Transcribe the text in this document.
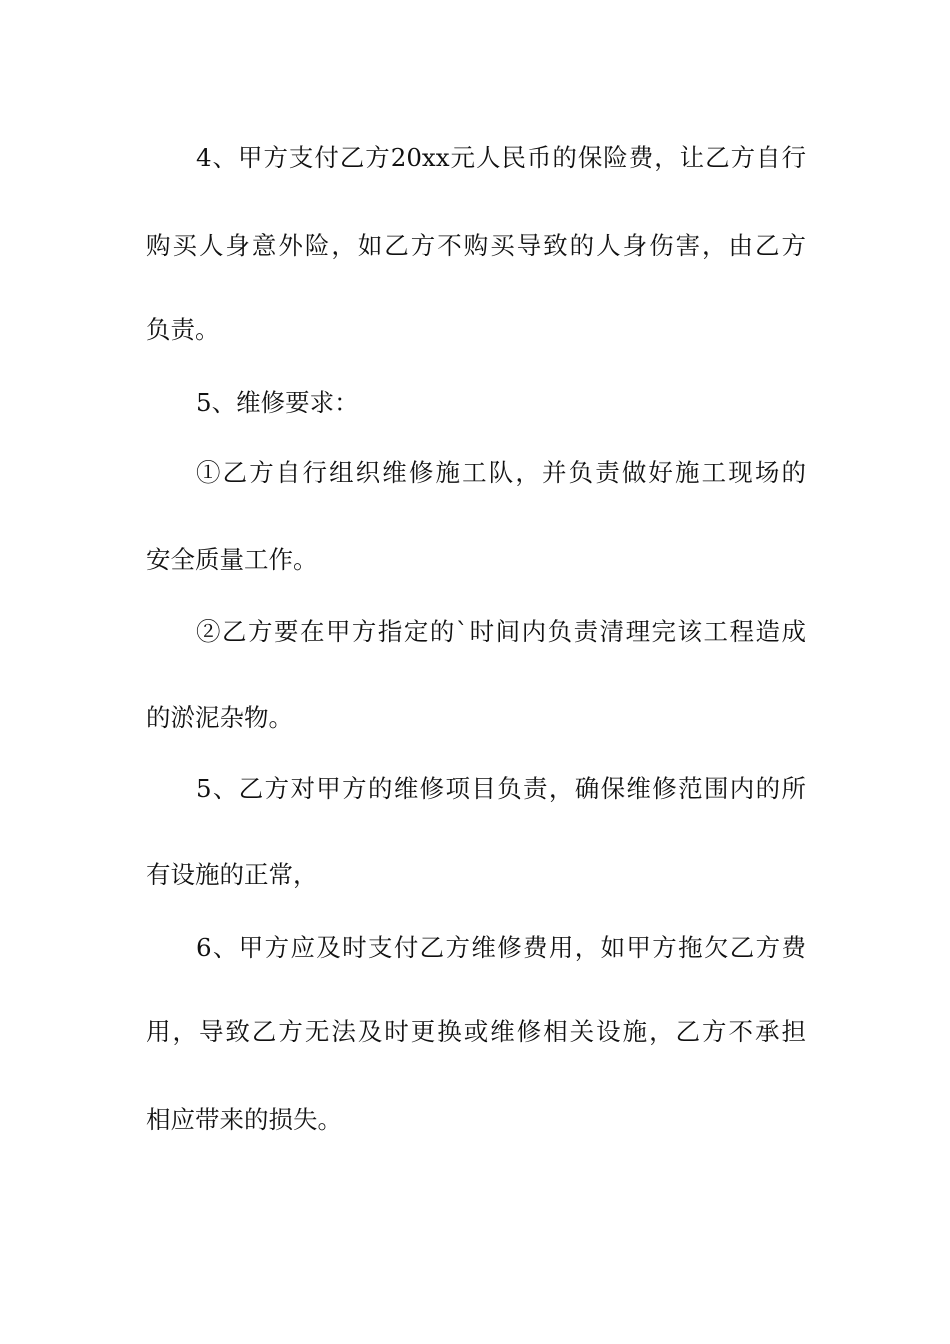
4、甲方支付乙方20xx元人民币的保险费，让乙方自行
购买人身意外险，如乙方不购买导致的人身伤害，由乙方
负责。
5、维修要求：
①乙方自行组织维修施工队，并负责做好施工现场的
安全质量工作。
②乙方要在甲方指定的`时间内负责清理完该工程造成
的淤泥杂物。
5、乙方对甲方的维修项目负责，确保维修范围内的所
有设施的正常，
6、甲方应及时支付乙方维修费用，如甲方拖欠乙方费
用，导致乙方无法及时更换或维修相关设施，乙方不承担
相应带来的损失。
